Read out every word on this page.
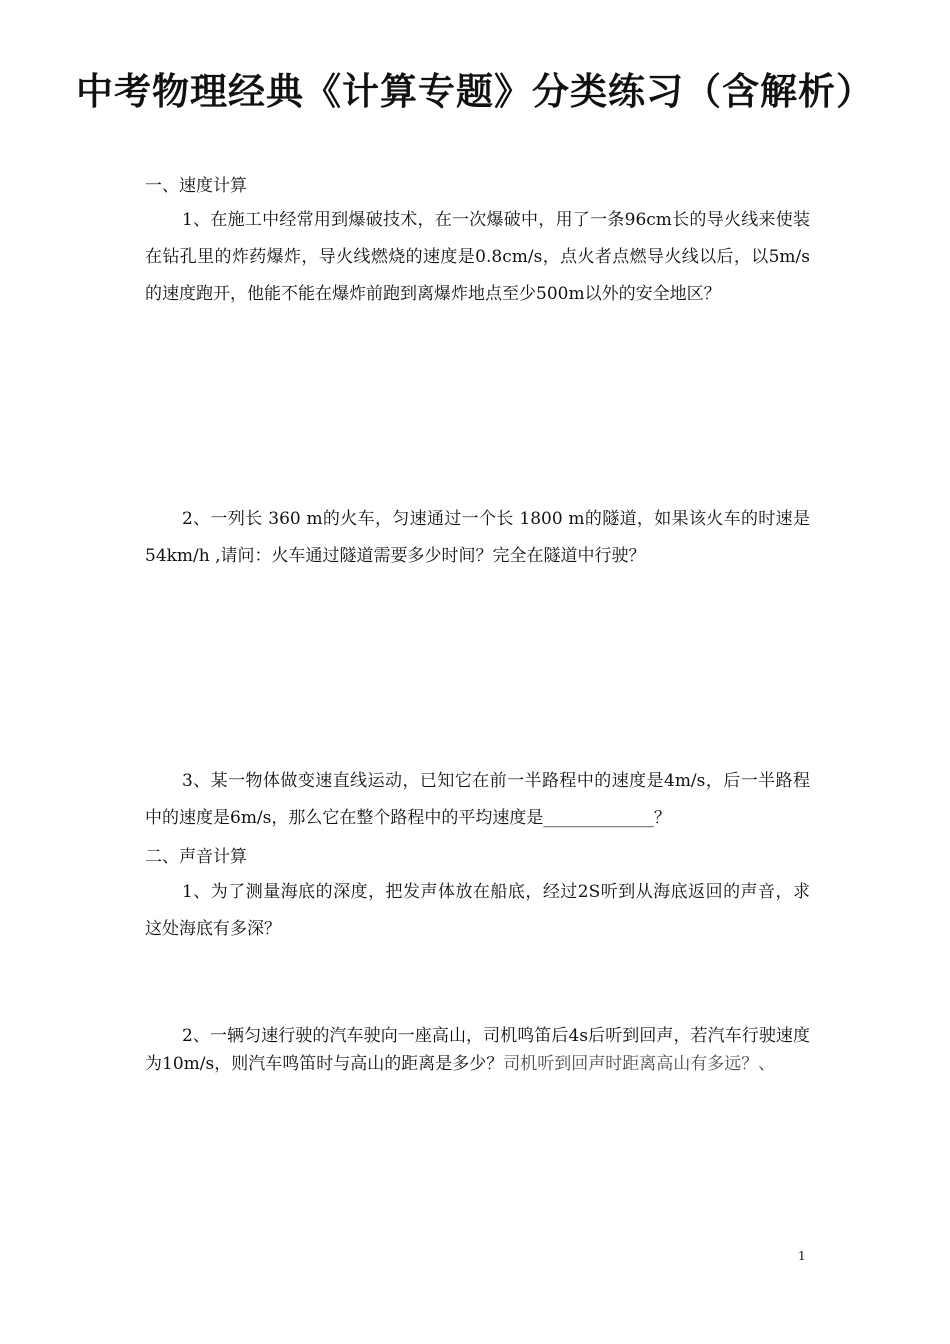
中考物理经典《计算专题》分类练习（含解析）
一、速度计算
1、在施工中经常用到爆破技术，在一次爆破中，用了一条96cm长的导火线来使装在钻孔里的炸药爆炸，导火线燃烧的速度是0.8cm/s，点火者点燃导火线以后，以5m/s的速度跑开，他能不能在爆炸前跑到离爆炸地点至少500m以外的安全地区？
2、一列长 360 m的火车，匀速通过一个长 1800 m的隧道，如果该火车的时速是 54km/h ,请问：火车通过隧道需要多少时间？完全在隧道中行驶？
3、某一物体做变速直线运动，已知它在前一半路程中的速度是4m/s，后一半路程中的速度是6m/s，那么它在整个路程中的平均速度是_____________？
二、声音计算
1、为了测量海底的深度，把发声体放在船底，经过2S听到从海底返回的声音，求这处海底有多深？
2、一辆匀速行驶的汽车驶向一座高山，司机鸣笛后4s后听到回声，若汽车行驶速度为10m/s，则汽车鸣笛时与高山的距离是多少？司机听到回声时距离高山有多远？、
1
